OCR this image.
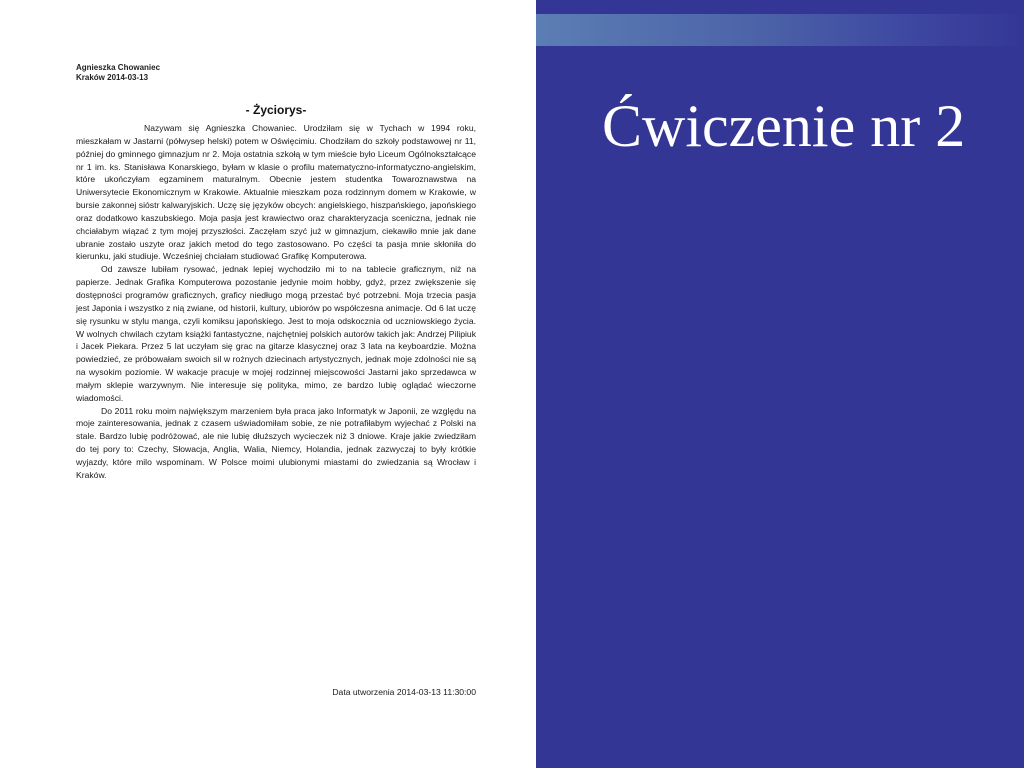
Agnieszka Chowaniec
Kraków 2014-03-13
- Życiorys-

Nazywam się Agnieszka Chowaniec. Urodziłam się w Tychach w 1994 roku, mieszkałam w Jastarni (półwysep helski) potem w Oświęcimiu. Chodziłam do szkoły podstawowej nr 11, później do gminnego gimnazjum nr 2. Moja ostatnia szkołą w tym mieście było Liceum Ogólnokształcące nr 1 im. ks. Stanisława Konarskiego, byłam w klasie o profilu matematyczno-informatyczno-angielskim, które ukończyłam egzaminem maturalnym. Obecnie jestem studentka Towaroznawstwa na Uniwersytecie Ekonomicznym w Krakowie. Aktualnie mieszkam poza rodzinnym domem w Krakowie, w bursie zakonnej sióstr kalwaryjskich. Uczę się języków obcych: angielskiego, hiszpańskiego, japońskiego oraz dodatkowo kaszubskiego. Moja pasja jest krawiectwo oraz charakteryzacja sceniczna, jednak nie chciałabym wiązać z tym mojej przyszłości. Zaczęłam szyć już w gimnazjum, ciekawiło mnie jak dane ubranie zostało uszyte oraz jakich metod do tego zastosowano. Po części ta pasja mnie skłoniła do kierunku, jaki studiuje. Wcześniej chciałam studiować Grafikę Komputerowa.

Od zawsze lubiłam rysować, jednak lepiej wychodziło mi to na tablecie graficznym, niż na papierze. Jednak Grafika Komputerowa pozostanie jedynie moim hobby, gdyż, przez zwiększenie się dostępności programów graficznych, graficy niedługo mogą przestać być potrzebni. Moja trzecia pasja jest Japonia i wszystko z nią zwiane, od historii, kultury, ubiorów po współczesna animacje. Od 6 lat uczę się rysunku w stylu manga, czyli komiksu japońskiego. Jest to moja odskocznia od uczniowskiego życia. W wolnych chwilach czytam książki fantastyczne, najchętniej polskich autorów takich jak: Andrzej Pilipiuk i Jacek Piekara. Przez 5 lat uczyłam się grac na gitarze klasycznej oraz 3 lata na keyboardzie. Można powiedzieć, ze próbowałam swoich sil w rożnych dziecinach artystycznych, jednak moje zdolności nie są na wysokim poziomie. W wakacje pracuje w mojej rodzinnej miejscowości Jastarni jako sprzedawca w małym sklepie warzywnym. Nie interesuje się polityka, mimo, ze bardzo lubię oglądać wieczorne wiadomości.

Do 2011 roku moim największym marzeniem była praca jako Informatyk w Japonii, ze względu na moje zainteresowania, jednak z czasem uświadomiłam sobie, ze nie potrafiłabym wyjechać z Polski na stale. Bardzo lubię podróżować, ale nie lubię dłuższych wycieczek niż 3 dniowe. Kraje jakie zwiedziłam do tej pory to: Czechy, Słowacja, Anglia, Walia, Niemcy, Holandia, jednak zazwyczaj to były krótkie wyjazdy, które milo wspominam. W Polsce moimi ulubionymi miastami do zwiedzania są Wrocław i Kraków.

Data utworzenia 2014-03-13 11:30:00
Ćwiczenie nr 2
